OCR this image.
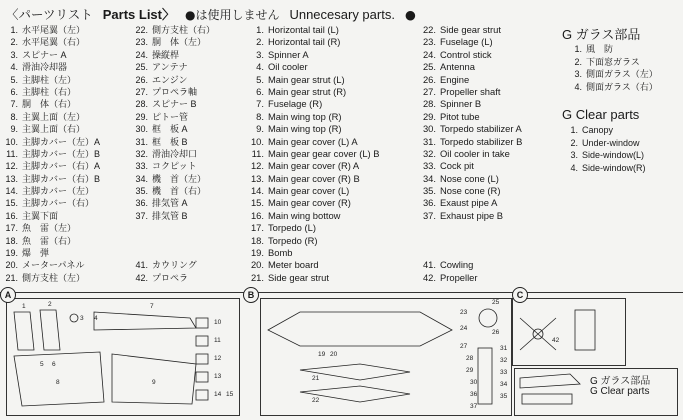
〈パーツリスト Parts List〉 ●は使用しません Unnecesary parts. ●
1. 水平尾翼（左）
2. 水平尾翼（右）
3. スピナー A
4. 滑油冷却器
5. 主脚柱（左）
6. 主脚柱（右）
7. 胴　体（右）
8. 主翼上面（左）
9. 主翼上面（右）
10. 主脚カバー（左）A
11. 主脚カバー（左）B
12. 主脚カバー（右）A
13. 主脚カバー（右）B
14. 主脚カバー（左）
15. 主脚カバー（右）
16. 主翼下面
17. 魚　雷（左）
18. 魚　雷（右）
19. 爆　弾
20. メーターパネル
21. 側方支柱（左）
22. 側方支柱（右）
23. 胴　体（左）
24. 操縦桿
25. アンテナ
26. エンジン
27. プロペラ軸
28. スピナー B
29. ピトー管
30. 框　板 A
31. 框　板 B
32. 滑油冷却口
33. コクピット
34. 機　首（左）
35. 機　首（右）
36. 排気管 A
37. 排気管 B
41. カウリング
42. プロペラ
1. Horizontal tail (L)
2. Horizontal tail (R)
3. Spinner A
4. Oil cooler
5. Main gear strut (L)
6. Main gear strut (R)
7. Fuselage (R)
8. Main wing top (R)
9. Main wing top (R)
10. Main gear cover (L) A
11. Main gear gear cover (L) B
12. Main gear cover (R) A
13. Main gear cover (R) B
14. Main gear cover (L)
15. Main gear cover (R)
16. Main wing bottow
17. Torpedo (L)
18. Torpedo (R)
19. Bomb
20. Meter board
21. Side gear strut
22. Side gear strut
23. Fuselage (L)
24. Control stick
25. Antenna
26. Engine
27. Propeller shaft
28. Spinner B
29. Pitot tube
30. Torpedo stabilizer A
31. Torpedo stabilizer B
32. Oil cooler in take
33. Cock pit
34. Nose cone (L)
35. Nose cone (R)
36. Exaust pipe A
37. Exhaust pipe B
41. Cowling
42. Propeller
G ガラス部品
1. 風　防
2. 下面窓ガラス
3. 側面ガラス（左）
4. 側面ガラス（右）
G Clear parts
1. Canopy
2. Under-window
3. Side-window(L)
4. Side-window(R)
1	2
3 4
5 6
7
8	9
10
11
12
13
14 15
19 20
21
22
23
24
25
26
27
28
29
30
31
32
33
34
35
36
37
42
A	B	C
G ガラス部品
G Clear parts
